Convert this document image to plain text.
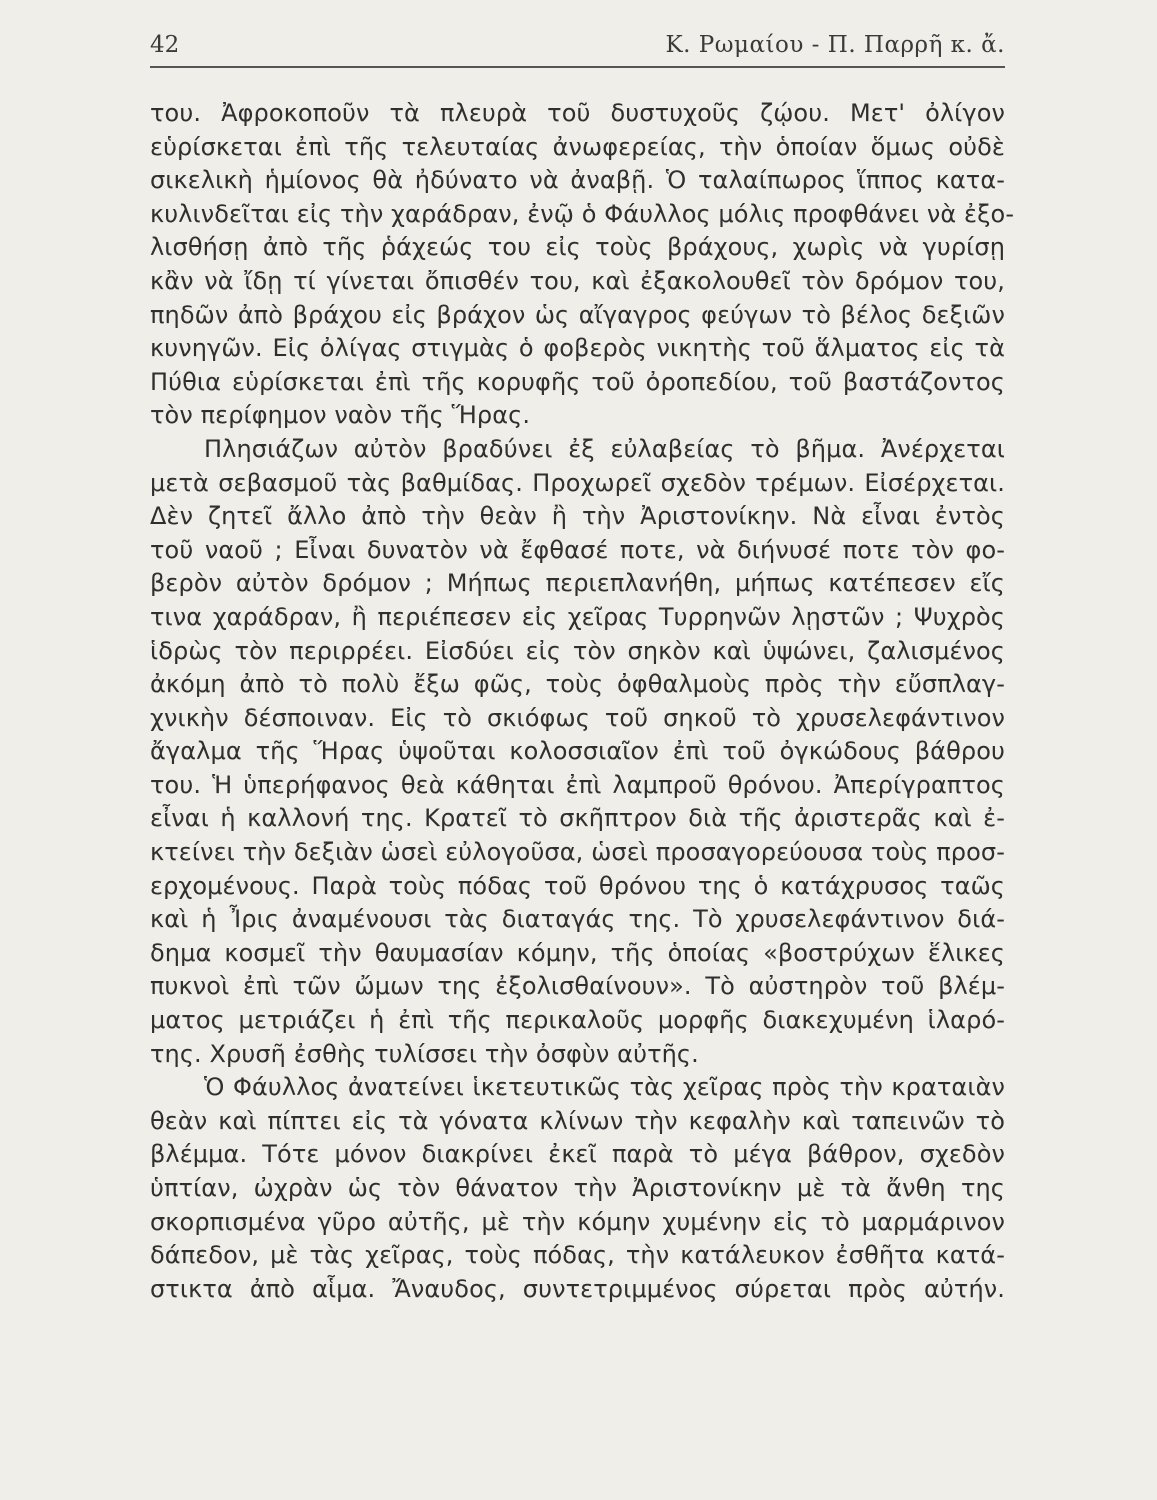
42	Κ. Ρωμαίου - Π. Παρρῆ κ. ἄ.
του. Ἀφροκοποῦν τὰ πλευρὰ τοῦ δυστυχοῦς ζῴου. Μετ' ὀλίγον
εὑρίσκεται ἐπὶ τῆς τελευταίας ἀνωφερείας, τὴν ὁποίαν ὅμως οὐδὲ
σικελικὴ ἡμίονος θὰ ἠδύνατο νὰ ἀναβῇ. Ὁ ταλαίπωρος ἵππος κατα-
κυλινδεῖται εἰς τὴν χαράδραν, ἐνῷ ὁ Φάυλλος μόλις προφθάνει νὰ ἐξο-
λισθήσῃ ἀπὸ τῆς ῥάχεώς του εἰς τοὺς βράχους, χωρὶς νὰ γυρίσῃ
κἂν νὰ ἴδῃ τί γίνεται ὄπισθέν του, καὶ ἐξακολουθεῖ τὸν δρόμον του,
πηδῶν ἀπὸ βράχου εἰς βράχον ὡς αἴγαγρος φεύγων τὸ βέλος δεξιῶν
κυνηγῶν. Εἰς ὀλίγας στιγμὰς ὁ φοβερὸς νικητὴς τοῦ ἅλματος εἰς τὰ
Πύθια εὑρίσκεται ἐπὶ τῆς κορυφῆς τοῦ ὀροπεδίου, τοῦ βαστάζοντος
τὸν περίφημον ναὸν τῆς Ἥρας.
Πλησιάζων αὐτὸν βραδύνει ἐξ εὐλαβείας τὸ βῆμα. Ἀνέρχεται
μετὰ σεβασμοῦ τὰς βαθμίδας. Προχωρεῖ σχεδὸν τρέμων. Εἰσέρχεται.
Δὲν ζητεῖ ἄλλο ἀπὸ τὴν θεὰν ἢ τὴν Ἀριστονίκην. Νὰ εἶναι ἐντὸς
τοῦ ναοῦ ; Εἶναι δυνατὸν νὰ ἔφθασέ ποτε, νὰ διήνυσέ ποτε τὸν φο-
βερὸν αὐτὸν δρόμον ; Μήπως περιεπλανήθη, μήπως κατέπεσεν εἴς
τινα χαράδραν, ἢ περιέπεσεν εἰς χεῖρας Τυρρηνῶν λῃστῶν ; Ψυχρὸς
ἱδρὼς τὸν περιρρέει. Εἰσδύει εἰς τὸν σηκὸν καὶ ὑψώνει, ζαλισμένος
ἀκόμη ἀπὸ τὸ πολὺ ἔξω φῶς, τοὺς ὀφθαλμοὺς πρὸς τὴν εὔσπλαγ-
χνικὴν δέσποιναν. Εἰς τὸ σκιόφως τοῦ σηκοῦ τὸ χρυσελεφάντινον
ἄγαλμα τῆς Ἥρας ὑψοῦται κολοσσιαῖον ἐπὶ τοῦ ὀγκώδους βάθρου
του. Ἡ ὑπερήφανος θεὰ κάθηται ἐπὶ λαμπροῦ θρόνου. Ἀπερίγραπτος
εἶναι ἡ καλλονή της. Κρατεῖ τὸ σκῆπτρον διὰ τῆς ἀριστερᾶς καὶ ἐ-
κτείνει τὴν δεξιὰν ὡσεὶ εὐλογοῦσα, ὡσεὶ προσαγορεύουσα τοὺς προσ-
ερχομένους. Παρὰ τοὺς πόδας τοῦ θρόνου της ὁ κατάχρυσος ταῶς
καὶ ἡ Ἶρις ἀναμένουσι τὰς διαταγάς της. Τὸ χρυσελεφάντινον διά-
δημα κοσμεῖ τὴν θαυμασίαν κόμην, τῆς ὁποίας «βοστρύχων ἕλικες
πυκνοὶ ἐπὶ τῶν ὤμων της ἐξολισθαίνουν». Τὸ αὐστηρὸν τοῦ βλέμ-
ματος μετριάζει ἡ ἐπὶ τῆς περικαλοῦς μορφῆς διακεχυμένη ἱλαρό-
της. Χρυσῆ ἐσθὴς τυλίσσει τὴν ὀσφὺν αὐτῆς.
Ὁ Φάυλλος ἀνατείνει ἱκετευτικῶς τὰς χεῖρας πρὸς τὴν κραταιὰν
θεὰν καὶ πίπτει εἰς τὰ γόνατα κλίνων τὴν κεφαλὴν καὶ ταπεινῶν τὸ
βλέμμα. Τότε μόνον διακρίνει ἐκεῖ παρὰ τὸ μέγα βάθρον, σχεδὸν
ὑπτίαν, ὠχρὰν ὡς τὸν θάνατον τὴν Ἀριστονίκην μὲ τὰ ἄνθη της
σκορπισμένα γῦρο αὐτῆς, μὲ τὴν κόμην χυμένην εἰς τὸ μαρμάρινον
δάπεδον, μὲ τὰς χεῖρας, τοὺς πόδας, τὴν κατάλευκον ἐσθῆτα κατά-
στικτα ἀπὸ αἷμα. Ἄναυδος, συντετριμμένος σύρεται πρὸς αὐτήν.
